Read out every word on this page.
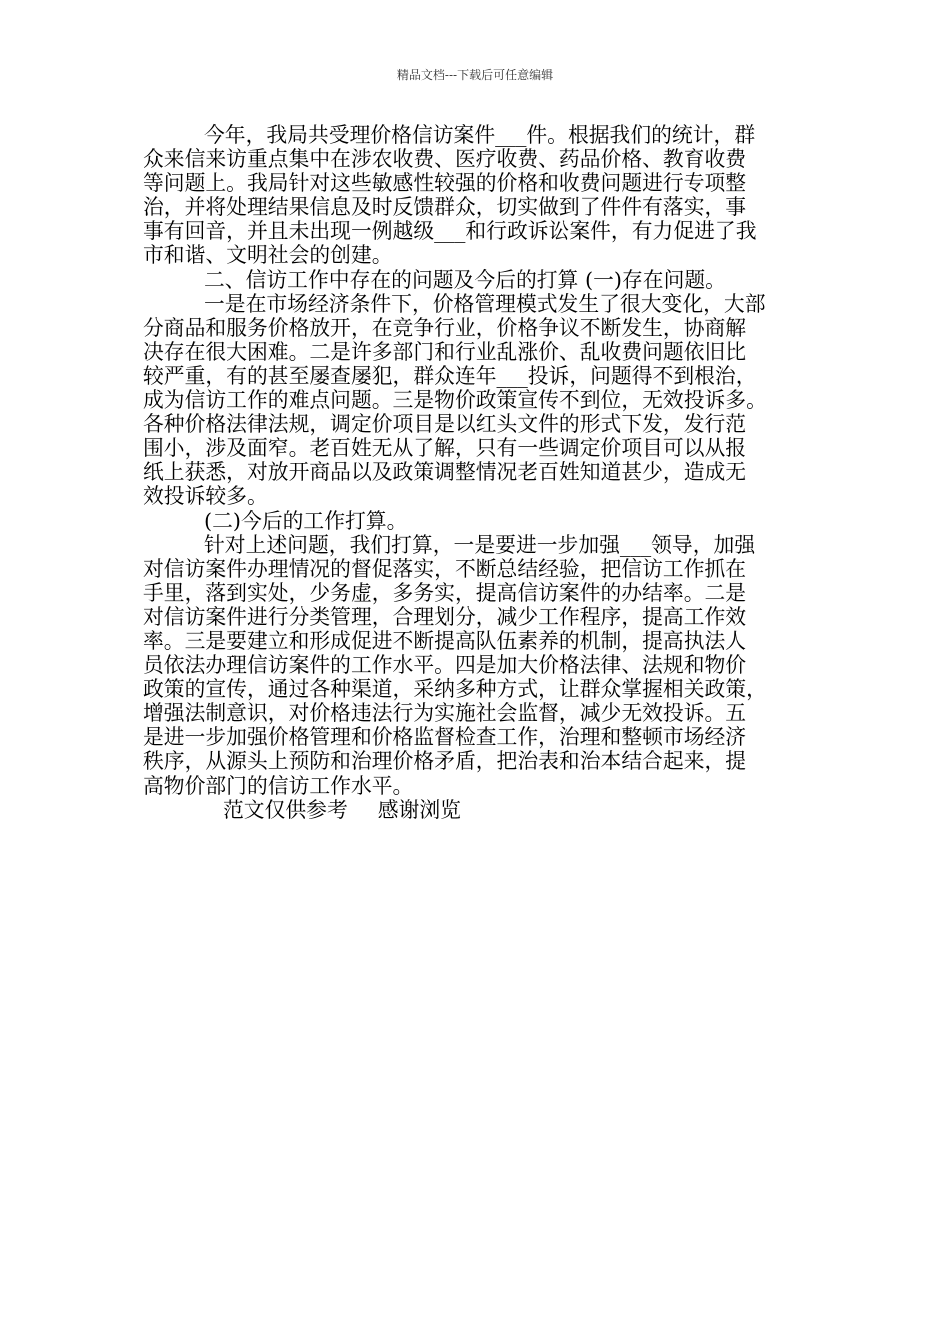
精品文档---下载后可任意编辑
今年，我局共受理价格信访案件___件。根据我们的统计，群
众来信来访重点集中在涉农收费、医疗收费、药品价格、教育收费
等问题上。我局针对这些敏感性较强的价格和收费问题进行专项整
治，并将处理结果信息及时反馈群众，切实做到了件件有落实，事
事有回音，并且未出现一例越级___和行政诉讼案件，有力促进了我
市和谐、文明社会的创建。
二、信访工作中存在的问题及今后的打算 (一)存在问题。
一是在市场经济条件下，价格管理模式发生了很大变化，大部
分商品和服务价格放开，在竞争行业，价格争议不断发生，协商解
决存在很大困难。二是许多部门和行业乱涨价、乱收费问题依旧比
较严重，有的甚至屡查屡犯，群众连年___投诉，问题得不到根治，
成为信访工作的难点问题。三是物价政策宣传不到位，无效投诉多。
各种价格法律法规，调定价项目是以红头文件的形式下发，发行范
围小，涉及面窄。老百姓无从了解，只有一些调定价项目可以从报
纸上获悉，对放开商品以及政策调整情况老百姓知道甚少，造成无
效投诉较多。
(二)今后的工作打算。
针对上述问题，我们打算，一是要进一步加强___领导，加强
对信访案件办理情况的督促落实，不断总结经验，把信访工作抓在
手里，落到实处，少务虚，多务实，提高信访案件的办结率。二是
对信访案件进行分类管理，合理划分，减少工作程序，提高工作效
率。三是要建立和形成促进不断提高队伍素养的机制，提高执法人
员依法办理信访案件的工作水平。四是加大价格法律、法规和物价
政策的宣传，通过各种渠道，采纳多种方式，让群众掌握相关政策，
增强法制意识，对价格违法行为实施社会监督，减少无效投诉。五
是进一步加强价格管理和价格监督检查工作，治理和整顿市场经济
秩序，从源头上预防和治理价格矛盾，把治表和治本结合起来，提
高物价部门的信访工作水平。
范文仅供参考 感谢浏览
